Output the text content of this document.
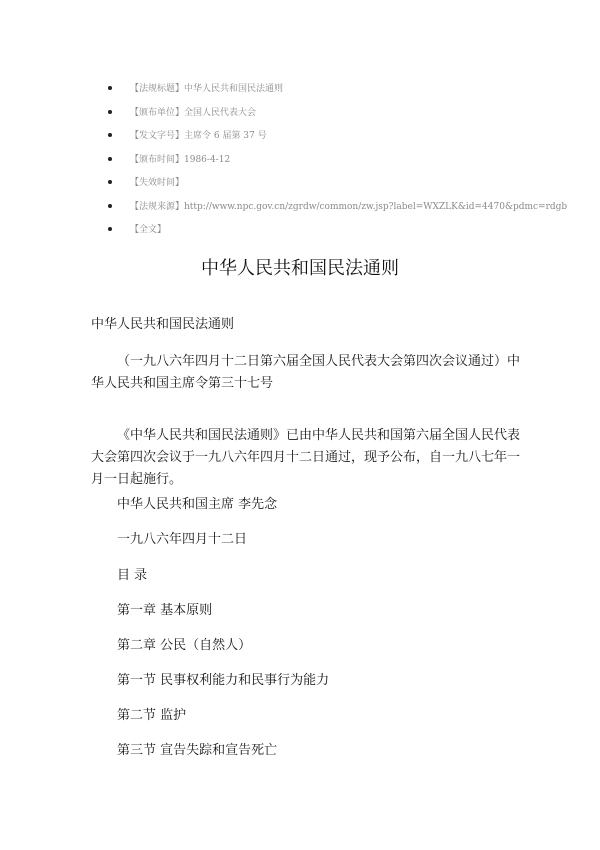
【法规标题】中华人民共和国民法通则
【颁布单位】全国人民代表大会
【发文字号】主席令 6 届第 37 号
【颁布时间】1986-4-12
【失效时间】
【法规来源】http://www.npc.gov.cn/zgrdw/common/zw.jsp?label=WXZLK&id=4470&pdmc=rdgb
【全文】
中华人民共和国民法通则

中华人民共和国民法通则

（一九八六年四月十二日第六届全国人民代表大会第四次会议通过）中华人民共和国主席令第三十七号

《中华人民共和国民法通则》已由中华人民共和国第六届全国人民代表大会第四次会议于一九八六年四月十二日通过，现予公布，自一九八七年一月一日起施行。

中华人民共和国主席 李先念

一九八六年四月十二日

目 录

第一章 基本原则

第二章 公民（自然人）

第一节 民事权利能力和民事行为能力

第二节 监护

第三节 宣告失踪和宣告死亡
